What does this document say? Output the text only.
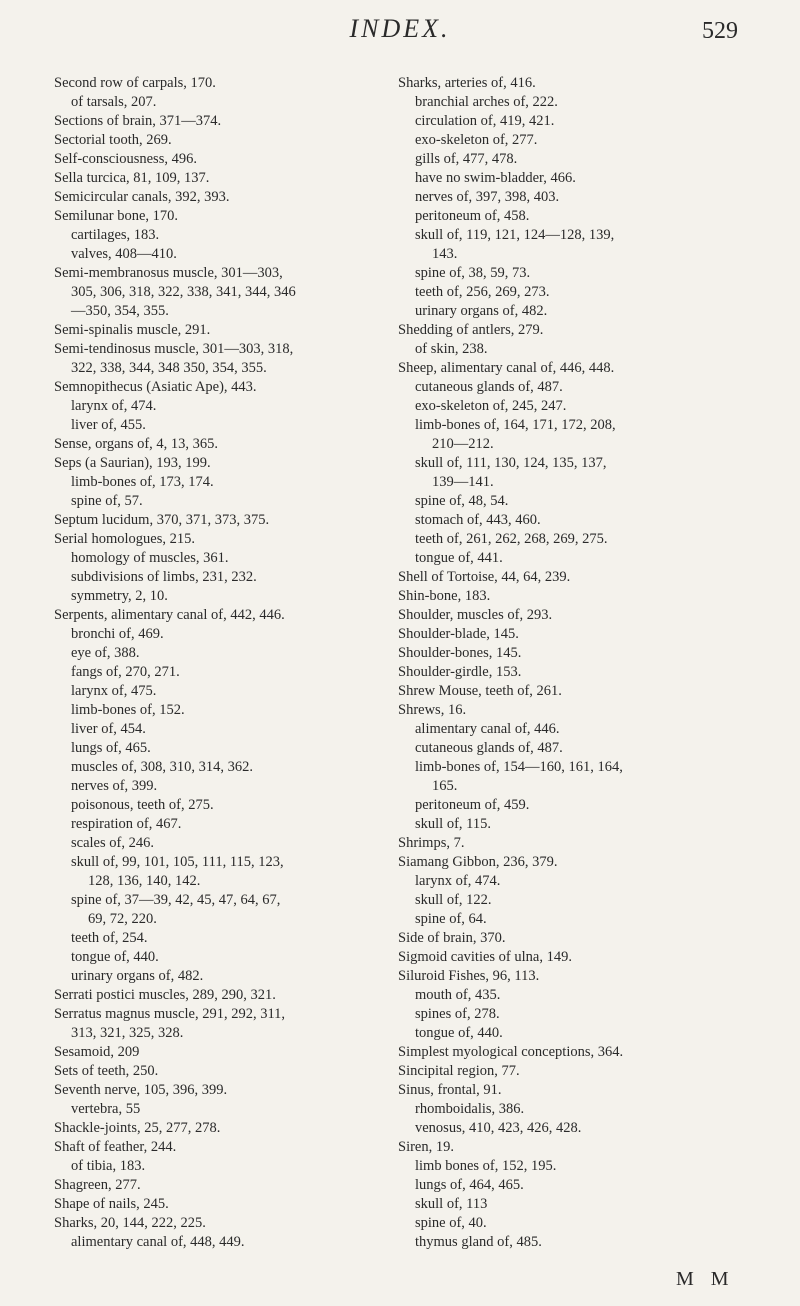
INDEX.	529
Second row of carpals, 170.
of tarsals, 207.
Sections of brain, 371—374.
Sectorial tooth, 269.
Self-consciousness, 496.
Sella turcica, 81, 109, 137.
Semicircular canals, 392, 393.
Semilunar bone, 170.
cartilages, 183.
valves, 408—410.
Semi-membranosus muscle, 301—303,
305, 306, 318, 322, 338, 341, 344, 346
—350, 354, 355.
Semi-spinalis muscle, 291.
Semi-tendinosus muscle, 301—303, 318,
322, 338, 344, 348 350, 354, 355.
Semnopithecus (Asiatic Ape), 443.
larynx of, 474.
liver of, 455.
Sense, organs of, 4, 13, 365.
Seps (a Saurian), 193, 199.
limb-bones of, 173, 174.
spine of, 57.
Septum lucidum, 370, 371, 373, 375.
Serial homologues, 215.
homology of muscles, 361.
subdivisions of limbs, 231, 232.
symmetry, 2, 10.
Serpents, alimentary canal of, 442, 446.
bronchi of, 469.
eye of, 388.
fangs of, 270, 271.
larynx of, 475.
limb-bones of, 152.
liver of, 454.
lungs of, 465.
muscles of, 308, 310, 314, 362.
nerves of, 399.
poisonous, teeth of, 275.
respiration of, 467.
scales of, 246.
skull of, 99, 101, 105, 111, 115, 123,
128, 136, 140, 142.
spine of, 37—39, 42, 45, 47, 64, 67,
69, 72, 220.
teeth of, 254.
tongue of, 440.
urinary organs of, 482.
Serrati postici muscles, 289, 290, 321.
Serratus magnus muscle, 291, 292, 311,
313, 321, 325, 328.
Sesamoid, 209
Sets of teeth, 250.
Seventh nerve, 105, 396, 399.
vertebra, 55
Shackle-joints, 25, 277, 278.
Shaft of feather, 244.
of tibia, 183.
Shagreen, 277.
Shape of nails, 245.
Sharks, 20, 144, 222, 225.
alimentary canal of, 448, 449.
Sharks, arteries of, 416.
branchial arches of, 222.
circulation of, 419, 421.
exo-skeleton of, 277.
gills of, 477, 478.
have no swim-bladder, 466.
nerves of, 397, 398, 403.
peritoneum of, 458.
skull of, 119, 121, 124—128, 139,
143.
spine of, 38, 59, 73.
teeth of, 256, 269, 273.
urinary organs of, 482.
Shedding of antlers, 279.
of skin, 238.
Sheep, alimentary canal of, 446, 448.
cutaneous glands of, 487.
exo-skeleton of, 245, 247.
limb-bones of, 164, 171, 172, 208,
210—212.
skull of, 111, 130, 124, 135, 137,
139—141.
spine of, 48, 54.
stomach of, 443, 460.
teeth of, 261, 262, 268, 269, 275.
tongue of, 441.
Shell of Tortoise, 44, 64, 239.
Shin-bone, 183.
Shoulder, muscles of, 293.
Shoulder-blade, 145.
Shoulder-bones, 145.
Shoulder-girdle, 153.
Shrew Mouse, teeth of, 261.
Shrews, 16.
alimentary canal of, 446.
cutaneous glands of, 487.
limb-bones of, 154—160, 161, 164,
165.
peritoneum of, 459.
skull of, 115.
Shrimps, 7.
Siamang Gibbon, 236, 379.
larynx of, 474.
skull of, 122.
spine of, 64.
Side of brain, 370.
Sigmoid cavities of ulna, 149.
Siluroid Fishes, 96, 113.
mouth of, 435.
spines of, 278.
tongue of, 440.
Simplest myological conceptions, 364.
Sincipital region, 77.
Sinus, frontal, 91.
rhomboidalis, 386.
venosus, 410, 423, 426, 428.
Siren, 19.
limb bones of, 152, 195.
lungs of, 464, 465.
skull of, 113
spine of, 40.
thymus gland of, 485.
M M
